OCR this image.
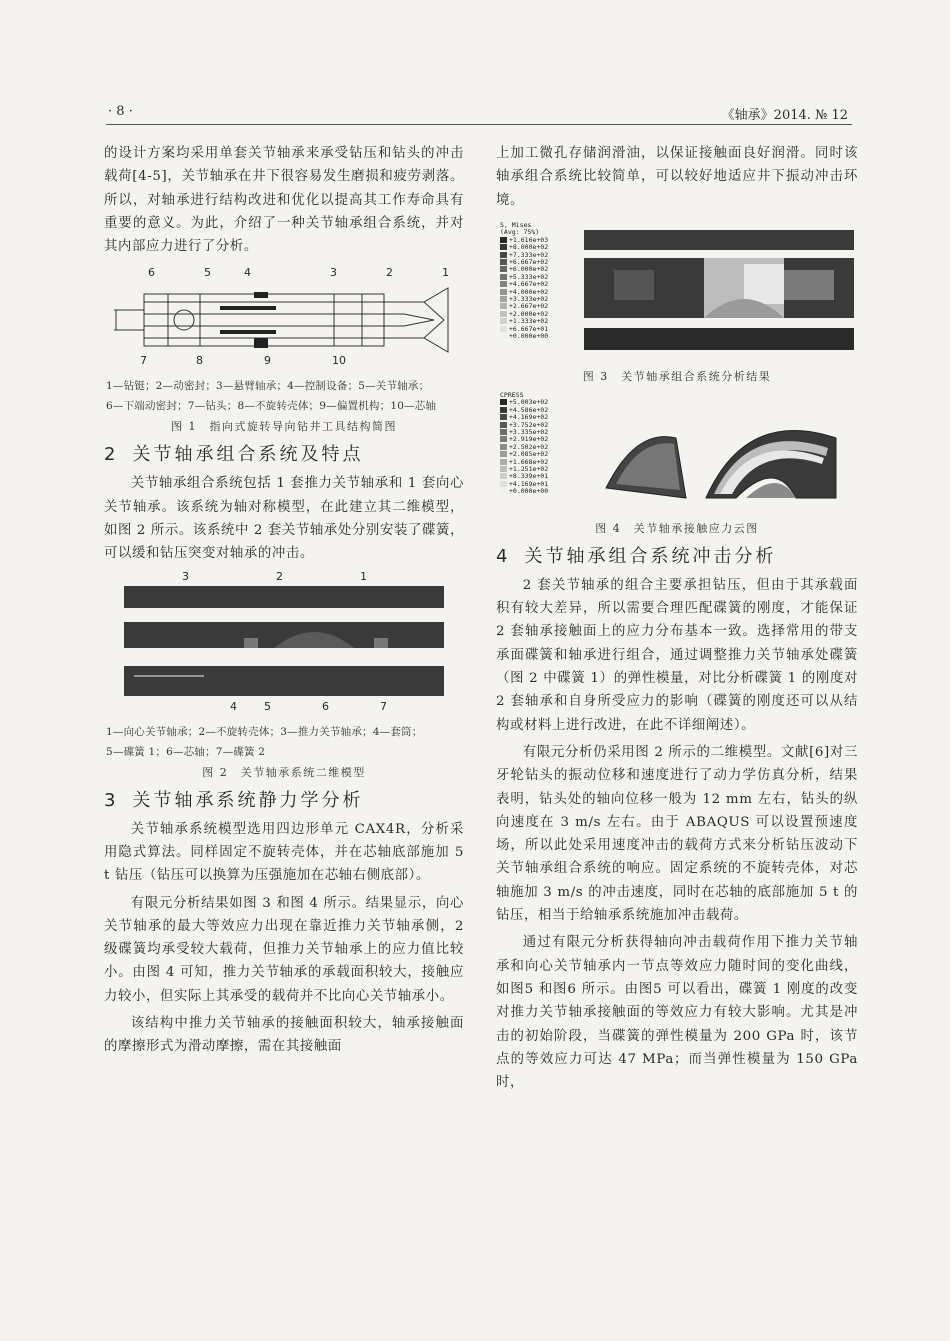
· 8 ·	《轴承》2014. № 12

的设计方案均采用单套关节轴承来承受钻压和钻头的冲击载荷[4-5]，关节轴承在井下很容易发生磨损和疲劳剥落。所以，对轴承进行结构改进和优化以提高其工作寿命具有重要的意义。为此，介绍了一种关节轴承组合系统，并对其内部应力进行了分析。

6	5	4	3	2	1
7	8	9	10
1—钻铤；2—动密封；3—悬臂轴承；4—控制设备；5—关节轴承；
6—下端动密封；7—钻头；8—不旋转壳体；9—偏置机构；10—芯轴
图 1　指向式旋转导向钻井工具结构简图
2 关节轴承组合系统及特点

关节轴承组合系统包括 1 套推力关节轴承和 1 套向心关节轴承。该系统为轴对称模型，在此建立其二维模型，如图 2 所示。该系统中 2 套关节轴承处分别安装了碟簧，可以缓和钻压突变对轴承的冲击。

3	2	1
4 5	6	7
1—向心关节轴承；2—不旋转壳体；3—推力关节轴承；4—套筒；
5—碟簧 1；6—芯轴；7—碟簧 2
图 2　关节轴承系统二维模型
3 关节轴承系统静力学分析

关节轴承系统模型选用四边形单元 CAX4R，分析采用隐式算法。同样固定不旋转壳体，并在芯轴底部施加 5 t 钻压（钻压可以换算为压强施加在芯轴右侧底部）。

有限元分析结果如图 3 和图 4 所示。结果显示，向心关节轴承的最大等效应力出现在靠近推力关节轴承侧，2 级碟簧均承受较大载荷，但推力关节轴承上的应力值比较小。由图 4 可知，推力关节轴承的承载面积较大，接触应力较小，但实际上其承受的载荷并不比向心关节轴承小。

该结构中推力关节轴承的接触面积较大，轴承接触面的摩擦形式为滑动摩擦，需在其接触面

上加工微孔存储润滑油，以保证接触面良好润滑。同时该轴承组合系统比较简单，可以较好地适应井下振动冲击环境。

S, Mises
(Avg: 75%)
+1.616e+03
+8.000e+02
+7.333e+02
+6.667e+02
+6.000e+02
+5.333e+02
+4.667e+02
+4.000e+02
+3.333e+02
+2.667e+02
+2.000e+02
+1.333e+02
+6.667e+01
+0.000e+00
图 3　关节轴承组合系统分析结果
CPRESS
+5.003e+02
+4.586e+02
+4.169e+02
+3.752e+02
+3.335e+02
+2.919e+02
+2.502e+02
+2.085e+02
+1.668e+02
+1.251e+02
+8.339e+01
+4.169e+01
+0.000e+00
图 4　关节轴承接触应力云图
4 关节轴承组合系统冲击分析

2 套关节轴承的组合主要承担钻压，但由于其承载面积有较大差异，所以需要合理匹配碟簧的刚度，才能保证 2 套轴承接触面上的应力分布基本一致。选择常用的带支承面碟簧和轴承进行组合，通过调整推力关节轴承处碟簧（图 2 中碟簧 1）的弹性模量，对比分析碟簧 1 的刚度对 2 套轴承和自身所受应力的影响（碟簧的刚度还可以从结构或材料上进行改进，在此不详细阐述）。

有限元分析仍采用图 2 所示的二维模型。文献[6]对三牙轮钻头的振动位移和速度进行了动力学仿真分析，结果表明，钻头处的轴向位移一般为 12 mm 左右，钻头的纵向速度在 3 m/s 左右。由于 ABAQUS 可以设置预速度场，所以此处采用速度冲击的载荷方式来分析钻压波动下关节轴承组合系统的响应。固定系统的不旋转壳体，对芯轴施加 3 m/s 的冲击速度，同时在芯轴的底部施加 5 t 的钻压，相当于给轴承系统施加冲击载荷。

通过有限元分析获得轴向冲击载荷作用下推力关节轴承和向心关节轴承内一节点等效应力随时间的变化曲线，如图5 和图6 所示。由图5 可以看出，碟簧 1 刚度的改变对推力关节轴承接触面的等效应力有较大影响。尤其是冲击的初始阶段，当碟簧的弹性模量为 200 GPa 时，该节点的等效应力可达 47 MPa；而当弹性模量为 150 GPa 时，
